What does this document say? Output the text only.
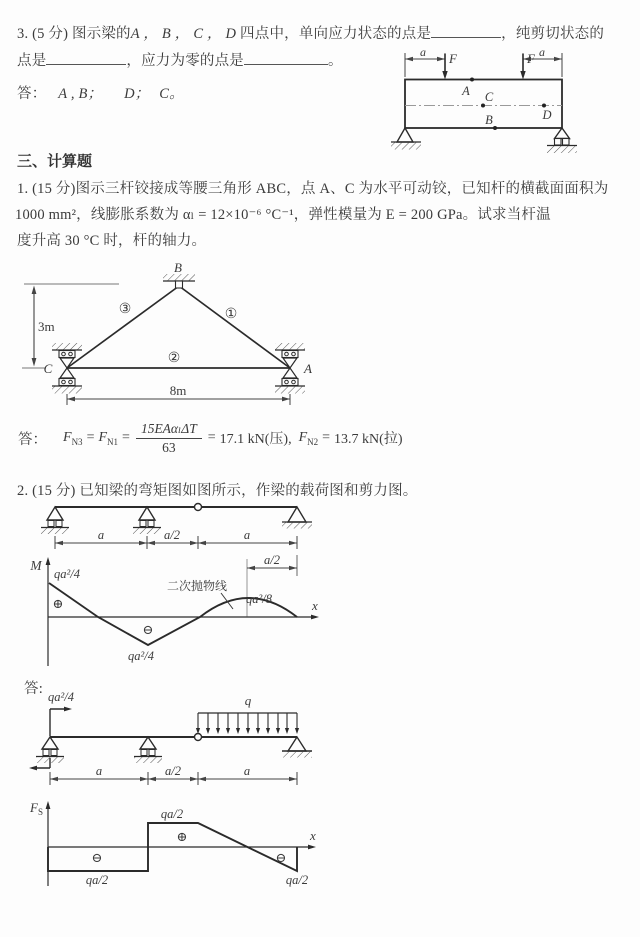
3. (5 分) 图示梁的A ， B ， C ， D 四点中，单向应力状态的点是	，纯剪切状态的
点是	，应力为零的点是	。
答： A , B； D； C。
a	a
F	F
A C
D
B
三、计算题
1. (15 分)图示三杆铰接成等腰三角形 ABC，点 A、C 为水平可动铰，已知杆的横截面面积为
1000 mm²，线膨胀系数为 αₗ = 12×10⁻⁶ °C⁻¹，弹性模量为 E = 200 GPa。试求当杆温
度升高 30 °C 时，杆的轴力。
3m
B
③	①
②
C	A
8m
答： $F_{N3} = F_{N1} = \frac{\text{15EAαₗΔT}}{63} = 17.1$ kN(压), $F_{N2} = 13.7$ kN(拉)
2. (15 分) 已知梁的弯矩图如图所示，作梁的载荷图和剪力图。
a	a/2	a
M
x
a/2
qa²/4
⊕
⊖
qa²/4
二次抛物线
qa²/8
答: qa²/4	q
a	a/2	a
$F_S$
x
qa/2
⊕
⊖
qa/2
⊖
qa/2
